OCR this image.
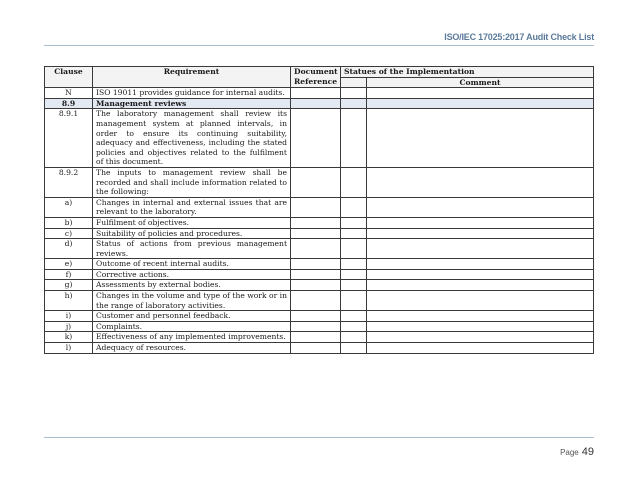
ISO/IEC 17025:2017 Audit Check List
Clause	Requirement	Document	Statues of the Implementation	
		Reference		Comment
N	ISO 19011 provides guidance for internal audits.			
8.9	Management reviews			
8.9.1	The laboratory management shall review its management system at planned intervals, in order to ensure its continuing suitability, adequacy and effectiveness, including the stated policies and objectives related to the fulfilment of this document.			
8.9.2	The inputs to management review shall be recorded and shall include information related to the following:			
a)	Changes in internal and external issues that are relevant to the laboratory.			
b)	Fulfilment of objectives.			
c)	Suitability of policies and procedures.			
d)	Status of actions from previous management reviews.			
e)	Outcome of recent internal audits.			
f)	Corrective actions.			
g)	Assessments by external bodies.			
h)	Changes in the volume and type of the work or in the range of laboratory activities.			
i)	Customer and personnel feedback.			
j)	Complaints.			
k)	Effectiveness of any implemented improvements.			
l)	Adequacy of resources.			
Page 49
